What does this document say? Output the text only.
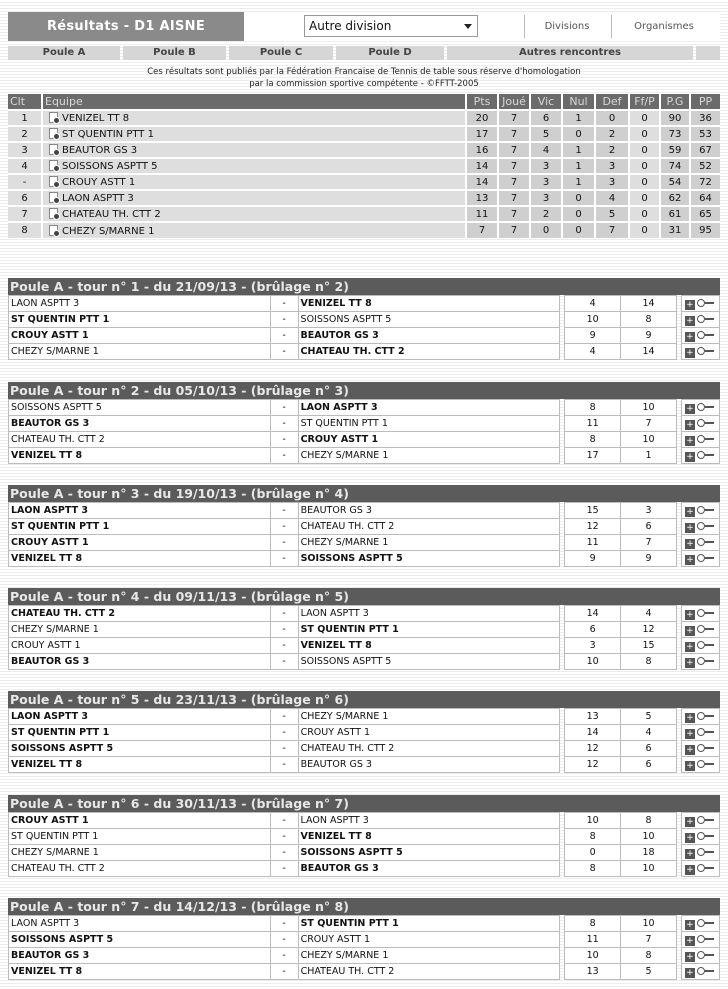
Résultats - D1 AISNE	Autre division	Divisions	Organismes
Poule A	Poule B	Poule C	Poule D	Autres rencontres
Ces résultats sont publiés par la Fédération Francaise de Tennis de table sous réserve d'homologation
par la commission sportive compétente - ©FFTT-2005
Clt	Equipe	Pts	Joué	Vic	Nul	Def	Ff/P	P.G	PP
1	VENIZEL TT 8	20	7	6	1	0	0	90	36
2	ST QUENTIN PTT 1	17	7	5	0	2	0	73	53
3	BEAUTOR GS 3	16	7	4	1	2	0	59	67
4	SOISSONS ASPTT 5	14	7	3	1	3	0	74	52
-	CROUY ASTT 1	14	7	3	1	3	0	54	72
6	LAON ASPTT 3	13	7	3	0	4	0	62	64
7	CHATEAU TH. CTT 2	11	7	2	0	5	0	61	65
8	CHEZY S/MARNE 1	7	7	0	0	7	0	31	95
Poule A - tour n° 1 - du 21/09/13 - (brûlage n° 2)
LAON ASPTT 3	-	VENIZEL TT 8		4	14		+
ST QUENTIN PTT 1	-	SOISSONS ASPTT 5		10	8		+
CROUY ASTT 1	-	BEAUTOR GS 3		9	9		+
CHEZY S/MARNE 1	-	CHATEAU TH. CTT 2		4	14		+
Poule A - tour n° 2 - du 05/10/13 - (brûlage n° 3)
SOISSONS ASPTT 5	-	LAON ASPTT 3		8	10		+
BEAUTOR GS 3	-	ST QUENTIN PTT 1		11	7		+
CHATEAU TH. CTT 2	-	CROUY ASTT 1		8	10		+
VENIZEL TT 8	-	CHEZY S/MARNE 1		17	1		+
Poule A - tour n° 3 - du 19/10/13 - (brûlage n° 4)
LAON ASPTT 3	-	BEAUTOR GS 3		15	3		+
ST QUENTIN PTT 1	-	CHATEAU TH. CTT 2		12	6		+
CROUY ASTT 1	-	CHEZY S/MARNE 1		11	7		+
VENIZEL TT 8	-	SOISSONS ASPTT 5		9	9		+
Poule A - tour n° 4 - du 09/11/13 - (brûlage n° 5)
CHATEAU TH. CTT 2	-	LAON ASPTT 3		14	4		+
CHEZY S/MARNE 1	-	ST QUENTIN PTT 1		6	12		+
CROUY ASTT 1	-	VENIZEL TT 8		3	15		+
BEAUTOR GS 3	-	SOISSONS ASPTT 5		10	8		+
Poule A - tour n° 5 - du 23/11/13 - (brûlage n° 6)
LAON ASPTT 3	-	CHEZY S/MARNE 1		13	5		+
ST QUENTIN PTT 1	-	CROUY ASTT 1		14	4		+
SOISSONS ASPTT 5	-	CHATEAU TH. CTT 2		12	6		+
VENIZEL TT 8	-	BEAUTOR GS 3		12	6		+
Poule A - tour n° 6 - du 30/11/13 - (brûlage n° 7)
CROUY ASTT 1	-	LAON ASPTT 3		10	8		+
ST QUENTIN PTT 1	-	VENIZEL TT 8		8	10		+
CHEZY S/MARNE 1	-	SOISSONS ASPTT 5		0	18		+
CHATEAU TH. CTT 2	-	BEAUTOR GS 3		8	10		+
Poule A - tour n° 7 - du 14/12/13 - (brûlage n° 8)
LAON ASPTT 3	-	ST QUENTIN PTT 1		8	10		+
SOISSONS ASPTT 5	-	CROUY ASTT 1		11	7		+
BEAUTOR GS 3	-	CHEZY S/MARNE 1		10	8		+
VENIZEL TT 8	-	CHATEAU TH. CTT 2		13	5		+
